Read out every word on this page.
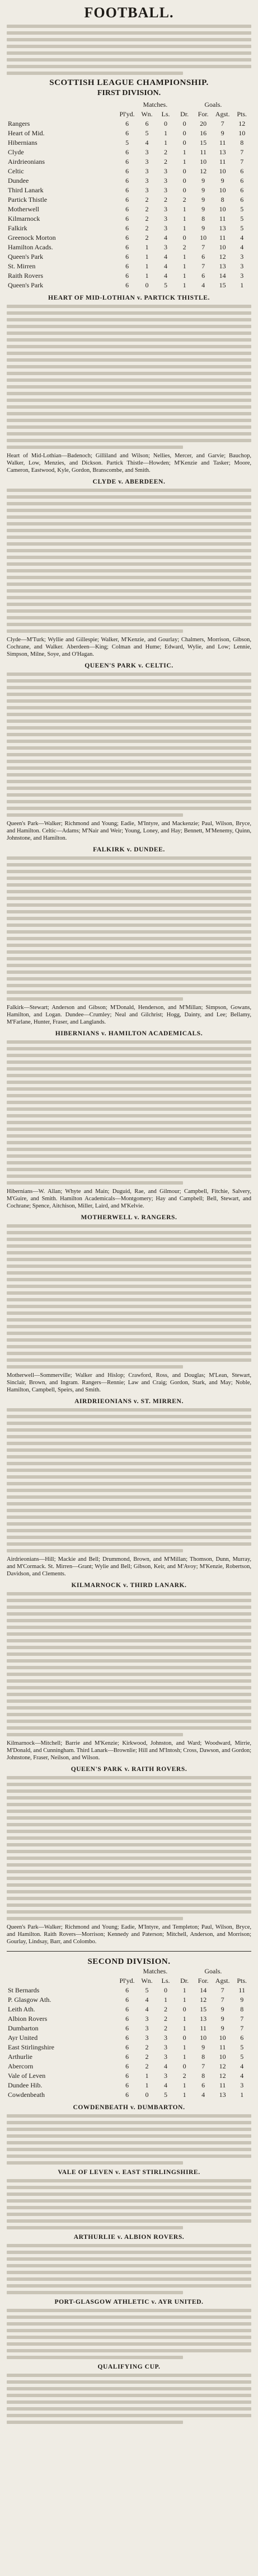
FOOTBALL.
SCOTTISH LEAGUE CHAMPIONSHIP.
FIRST DIVISION.
	Matches.				Goals.		
	Pl'yd.	Wn.	Ls.	Dr.	For.	Agst.	Pts.
Rangers	6	6	0	0	20	7	12
Heart of Mid.	6	5	1	0	16	9	10
Hibernians	5	4	1	0	15	11	8
Clyde	6	3	2	1	11	13	7
Airdrieonians	6	3	2	1	10	11	7
Celtic	6	3	3	0	12	10	6
Dundee	6	3	3	0	9	9	6
Third Lanark	6	3	3	0	9	10	6
Partick Thistle	6	2	2	2	9	8	6
Motherwell	6	2	3	1	9	10	5
Kilmarnock	6	2	3	1	8	11	5
Falkirk	6	2	3	1	9	13	5
Greenock Morton	6	2	4	0	10	11	4
Hamilton Acads.	6	1	3	2	7	10	4
Queen's Park	6	1	4	1	6	12	3
St. Mirren	6	1	4	1	7	13	3
Raith Rovers	6	1	4	1	6	14	3
Queen's Park	6	0	5	1	4	15	1
HEART OF MID-LOTHIAN v. PARTICK THISTLE.
Heart of Mid-Lothian—Badenoch; Gilliland and Wilson; Nellies, Mercer, and Garvie; Bauchop, Walker, Low, Menzies, and Dickson. Partick Thistle—Howden; M'Kenzie and Tasker; Moore, Cameron, Eastwood, Kyle, Gordon, Branscombe, and Smith.
CLYDE v. ABERDEEN.
Clyde—M'Turk; Wyllie and Gillespie; Walker, M'Kenzie, and Gourlay; Chalmers, Morrison, Gibson, Cochrane, and Walker. Aberdeen—King; Colman and Hume; Edward, Wylie, and Low; Lennie, Simpson, Milne, Soye, and O'Hagan.
QUEEN'S PARK v. CELTIC.
Queen's Park—Walker; Richmond and Young; Eadie, M'Intyre, and Mackenzie; Paul, Wilson, Bryce, and Hamilton. Celtic—Adams; M'Nair and Weir; Young, Loney, and Hay; Bennett, M'Menemy, Quinn, Johnstone, and Hamilton.
FALKIRK v. DUNDEE.
Falkirk—Stewart; Anderson and Gibson; M'Donald, Henderson, and M'Millan; Simpson, Gowans, Hamilton, and Logan. Dundee—Crumley; Neal and Gilchrist; Hogg, Dainty, and Lee; Bellamy, M'Farlane, Hunter, Fraser, and Langlands.
HIBERNIANS v. HAMILTON ACADEMICALS.
Hibernians—W. Allan; Whyte and Main; Duguid, Rae, and Gilmour; Campbell, Fitchie, Salvery, M'Guire, and Smith. Hamilton Academicals—Montgomery; Hay and Campbell; Bell, Stewart, and Cochrane; Spence, Aitchison, Miller, Laird, and M'Kelvie.
MOTHERWELL v. RANGERS.
Motherwell—Sommerville; Walker and Hislop; Crawford, Ross, and Douglas; M'Lean, Stewart, Sinclair, Brown, and Ingram. Rangers—Rennie; Law and Craig; Gordon, Stark, and May; Noble, Hamilton, Campbell, Speirs, and Smith.
AIRDRIEONIANS v. ST. MIRREN.
Airdrieonians—Hill; Mackie and Bell; Drummond, Brown, and M'Millan; Thomson, Dunn, Murray, and M'Cormack. St. Mirren—Grant; Wylie and Bell; Gibson, Keir, and M'Avoy; M'Kenzie, Robertson, Davidson, and Clements.
KILMARNOCK v. THIRD LANARK.
Kilmarnock—Mitchell; Barrie and M'Kenzie; Kirkwood, Johnston, and Ward; Woodward, Mirrie, M'Donald, and Cunningham. Third Lanark—Brownlie; Hill and M'Intosh; Cross, Dawson, and Gordon; Johnstone, Fraser, Neilson, and Wilson.
QUEEN'S PARK v. RAITH ROVERS.
Queen's Park—Walker; Richmond and Young; Eadie, M'Intyre, and Templeton; Paul, Wilson, Bryce, and Hamilton. Raith Rovers—Morrison; Kennedy and Paterson; Mitchell, Anderson, and Morrison; Gourlay, Lindsay, Barr, and Colombo.
SECOND DIVISION.
	Matches.				Goals.		
	Pl'yd.	Wn.	Ls.	Dr.	For.	Agst.	Pts.
St Bernards	6	5	0	1	14	7	11
P. Glasgow Ath.	6	4	1	1	12	7	9
Leith Ath.	6	4	2	0	15	9	8
Albion Rovers	6	3	2	1	13	9	7
Dumbarton	6	3	2	1	11	9	7
Ayr United	6	3	3	0	10	10	6
East Stirlingshire	6	2	3	1	9	11	5
Arthurlie	6	2	3	1	8	10	5
Abercorn	6	2	4	0	7	12	4
Vale of Leven	6	1	3	2	8	12	4
Dundee Hib.	6	1	4	1	6	11	3
Cowdenbeath	6	0	5	1	4	13	1
COWDENBEATH v. DUMBARTON.
VALE OF LEVEN v. EAST STIRLINGSHIRE.
ARTHURLIE v. ALBION ROVERS.
PORT-GLASGOW ATHLETIC v. AYR UNITED.
QUALIFYING CUP.
